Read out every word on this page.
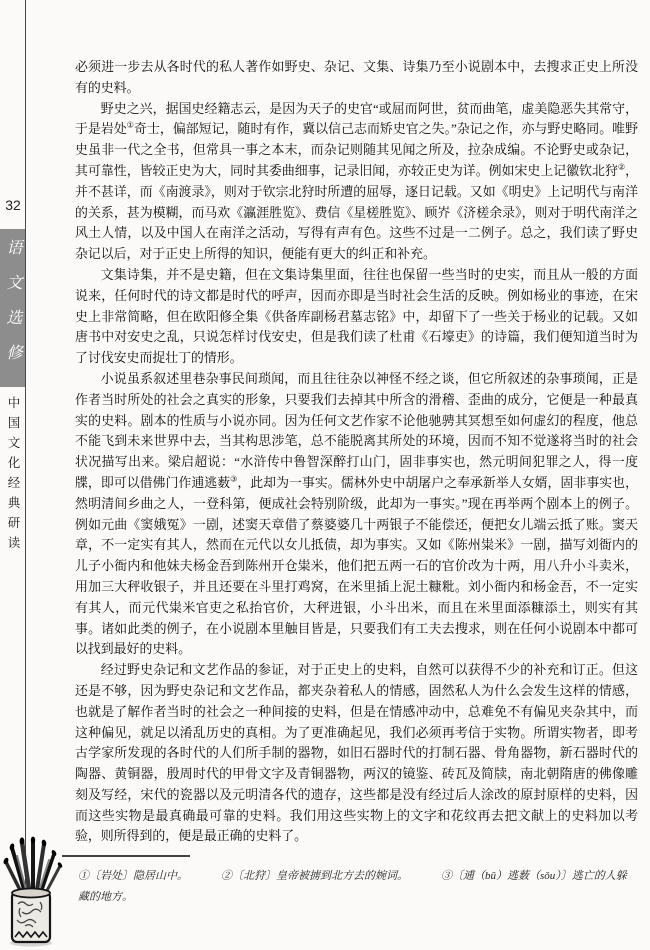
32
语文选修
中国文化经典研读

必须进一步去从各时代的私人著作如野史、杂记、文集、诗集乃至小说剧本中，去搜求正史上所没有的史料。

野史之兴，据国史经籍志云，是因为天子的史官“或屈而阿世，贫而曲笔，虚美隐恶失其常守，于是岩处①奇士，偏部短记，随时有作，冀以信己志而矫史官之失。”杂记之作，亦与野史略同。唯野史虽非一代之全书，但常具一事之本末，而杂记则随其见闻之所及，拉杂成编。不论野史或杂记，其可靠性，皆较正史为大，同时其委曲细事，记录旧闻，亦较正史为详。例如宋史上记徽钦北狩②，并不甚详，而《南渡录》，则对于钦宗北狩时所遭的屈辱，逐日记载。又如《明史》上记明代与南洋的关系，甚为模糊，而马欢《瀛涯胜览》、费信《星槎胜览》、顾岕《济槎余录》，则对于明代南洋之风土人情，以及中国人在南洋之活动，写得有声有色。这些不过是一二例子。总之，我们读了野史杂记以后，对于正史上所得的知识，便能有更大的纠正和补充。

文集诗集，并不是史籍，但在文集诗集里面，往往也保留一些当时的史实，而且从一般的方面说来，任何时代的诗文都是时代的呼声，因而亦即是当时社会生活的反映。例如杨业的事迹，在宋史上非常简略，但在欧阳修全集《供备库副杨君墓志铭》中，却留下了一些关于杨业的记载。又如唐书中对安史之乱，只说怎样讨伐安史，但是我们读了杜甫《石壕吏》的诗篇，我们便知道当时为了讨伐安史而捉壮丁的情形。

小说虽系叙述里巷杂事民间琐闻，而且往往杂以神怪不经之谈，但它所叙述的杂事琐闻，正是作者当时所处的社会之真实的形象，只要我们去掉其中所含的滑稽、歪曲的成分，它便是一种最真实的史料。剧本的性质与小说亦同。因为任何文艺作家不论他驰骋其冥想至如何虚幻的程度，他总不能飞到未来世界中去，当其构思涉笔，总不能脱离其所处的环境，因而不知不觉遂将当时的社会状况描写出来。梁启超说：“水浒传中鲁智深醉打山门，固非事实也，然元明间犯罪之人，得一度牒，即可以借佛门作逋逃薮③，此却为一事实。儒林外史中胡屠户之奉承新举人女婿，固非事实也，然明清间乡曲之人，一登科第，便成社会特别阶级，此却为一事实。”现在再举两个剧本上的例子。例如元曲《窦娥冤》一剧，述窦天章借了蔡婆婆几十两银子不能偿还，便把女儿端云抵了账。窦天章，不一定实有其人，然而在元代以女儿抵债，却为事实。又如《陈州粜米》一剧，描写刘衙内的儿子小衙内和他妹夫杨金吾到陈州开仓粜米，他们把五两一石的官价改为十两，用八升小斗卖米，用加三大秤收银子，并且还要在斗里打鸡窝，在米里插上泥土糠粃。刘小衙内和杨金吾，不一定实有其人，而元代粜米官吏之私抬官价，大秤进银，小斗出米，而且在米里面添糠添土，则实有其事。诸如此类的例子，在小说剧本里触目皆是，只要我们有工夫去搜求，则在任何小说剧本中都可以找到最好的史料。

经过野史杂记和文艺作品的参证，对于正史上的史料，自然可以获得不少的补充和订正。但这还是不够，因为野史杂记和文艺作品，都夹杂着私人的情感，固然私人为什么会发生这样的情感，也就是了解作者当时的社会之一种间接的史料，但是在情感冲动中，总难免不有偏见夹杂其中，而这种偏见，就足以淆乱历史的真相。为了更准确起见，我们必须再考信于实物。所谓实物者，即考古学家所发现的各时代的人们所手制的器物，如旧石器时代的打制石器、骨角器物，新石器时代的陶器、黄铜器，殷周时代的甲骨文字及青铜器物，两汉的镜鉴、砖瓦及简牍，南北朝隋唐的佛像雕刻及写经，宋代的瓷器以及元明清各代的遗存，这些都是没有经过后人涂改的原封原样的史料，因而这些实物是最真确最可靠的史料。我们用这些实物上的文字和花纹再去把文献上的史料加以考验，则所得到的，便是最正确的史料了。

①〔岩处〕隐居山中。	②〔北狩〕皇帝被掳到北方去的婉词。	③〔逋（bū）逃薮（sǒu）〕逃亡的人躲藏的地方。
